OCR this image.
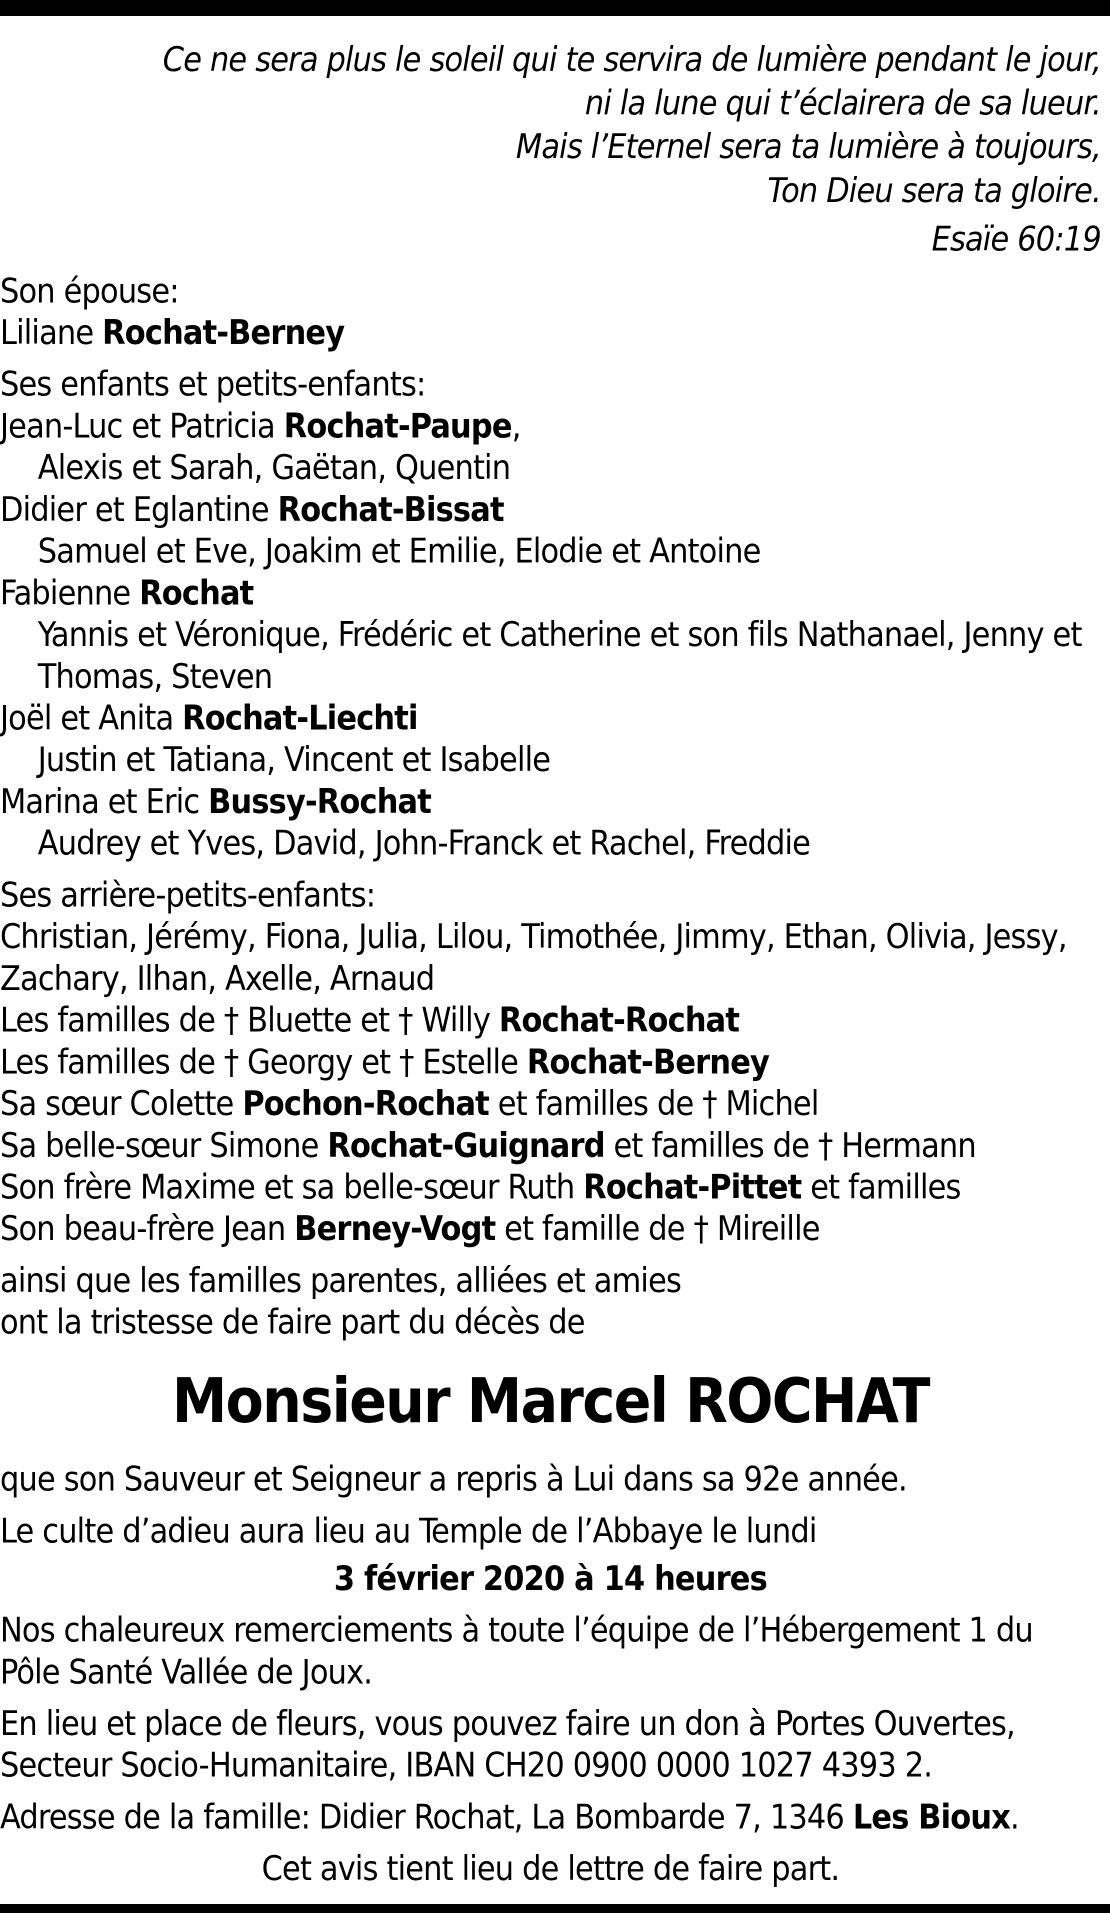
Ce ne sera plus le soleil qui te servira de lumière pendant le jour,
ni la lune qui t’éclairera de sa lueur.
Mais l’Eternel sera ta lumière à toujours,
Ton Dieu sera ta gloire.
Esaïe 60:19
Son épouse:
Liliane Rochat-Berney
Ses enfants et petits-enfants:
Jean-Luc et Patricia Rochat-Paupe,
Alexis et Sarah, Gaëtan, Quentin
Didier et Eglantine Rochat-Bissat
Samuel et Eve, Joakim et Emilie, Elodie et Antoine
Fabienne Rochat
Yannis et Véronique, Frédéric et Catherine et son fils Nathanael, Jenny et Thomas, Steven
Joël et Anita Rochat-Liechti
Justin et Tatiana, Vincent et Isabelle
Marina et Eric Bussy-Rochat
Audrey et Yves, David, John-Franck et Rachel, Freddie
Ses arrière-petits-enfants:
Christian, Jérémy, Fiona, Julia, Lilou, Timothée, Jimmy, Ethan, Olivia, Jessy, Zachary, Ilhan, Axelle, Arnaud
Les familles de † Bluette et † Willy Rochat-Rochat
Les familles de † Georgy et † Estelle Rochat-Berney
Sa sœur Colette Pochon-Rochat et familles de † Michel
Sa belle-sœur Simone Rochat-Guignard et familles de † Hermann
Son frère Maxime et sa belle-sœur Ruth Rochat-Pittet et familles
Son beau-frère Jean Berney-Vogt et famille de † Mireille
ainsi que les familles parentes, alliées et amies
ont la tristesse de faire part du décès de
Monsieur Marcel ROCHAT
que son Sauveur et Seigneur a repris à Lui dans sa 92e année.
Le culte d’adieu aura lieu au Temple de l’Abbaye le lundi
3 février 2020 à 14 heures
Nos chaleureux remerciements à toute l’équipe de l’Hébergement 1 du Pôle Santé Vallée de Joux.
En lieu et place de fleurs, vous pouvez faire un don à Portes Ouvertes, Secteur Socio-Humanitaire, IBAN CH20 0900 0000 1027 4393 2.
Adresse de la famille: Didier Rochat, La Bombarde 7, 1346 Les Bioux.
Cet avis tient lieu de lettre de faire part.
